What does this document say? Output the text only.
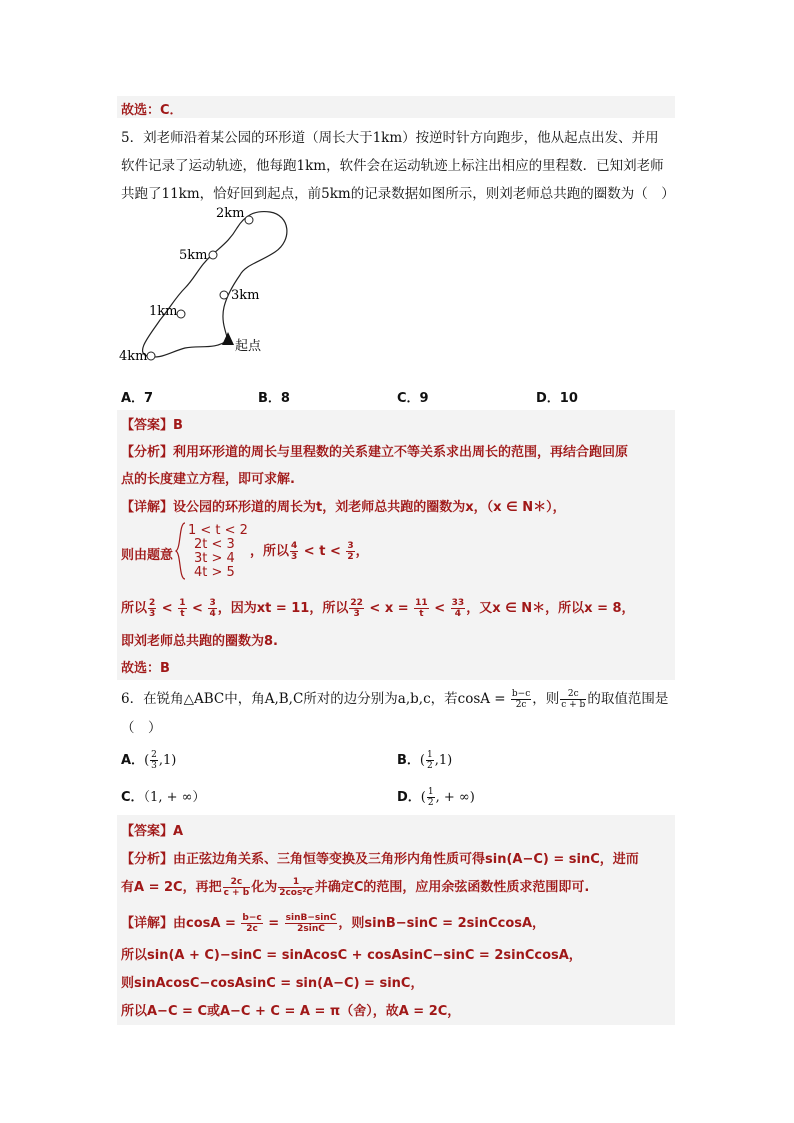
故选：C．
5．刘老师沿着某公园的环形道（周长大于1km）按逆时针方向跑步，他从起点出发、并用
软件记录了运动轨迹，他每跑1km，软件会在运动轨迹上标注出相应的里程数．已知刘老师
共跑了11km，恰好回到起点，前5km的记录数据如图所示，则刘老师总共跑的圈数为（　）
2km
5km
3km
1km
4km
起点
A．7	B．8	C．9	D．10
【答案】B
【分析】利用环形道的周长与里程数的关系建立不等关系求出周长的范围，再结合跑回原
点的长度建立方程，即可求解.
【详解】设公园的环形道的周长为t，刘老师总共跑的圈数为x，（x ∈ N＊），
则由题意
1 < t < 2
2t < 3
3t > 4
4t > 5
，所以 $\frac{4}{3} < t < \frac{3}{2}$ ，
所以 $\frac{2}{3} < \frac{1}{t} < \frac{3}{4}$ ，因为xt = 11，所以 $\frac{22}{3} < x = \frac{11}{t} < \frac{33}{4}$ ，又x ∈ N＊，所以x = 8，
即刘老师总共跑的圈数为8.
故选：B
6．在锐角△ABC中，角A,B,C所对的边分别为a,b,c，若$\cos A = \frac{b-c}{2c}$ ，则 $\frac{2c}{c + b}$ 的取值范围是
（　）
A．( $\frac{2}{3} ,1$)	B．( $\frac{1}{2} ,1$)
C．（1, + ∞）	D．( $\frac{1}{2}$ , + ∞)
【答案】A
【分析】由正弦边角关系、三角恒等变换及三角形内角性质可得sin(A−C) = sinC，进而
有A = 2C，再把 $\frac{2c}{c + b}$ 化为 $\frac{1}{\text{2cos²C}}$ 并确定C的范围，应用余弦函数性质求范围即可.
【详解】由$\cos A = \frac{b-c}{2c} = \frac{\sin B-\sin C}{2\sin C}$ ，则sinB−sinC = 2sinCcosA，
所以sin(A + C)−sinC = sinAcosC + cosAsinC−sinC = 2sinCcosA，
则sinAcosC−cosAsinC = sin(A−C) = sinC，
所以A−C = C或A−C + C = A = π（舍），故A = 2C，
